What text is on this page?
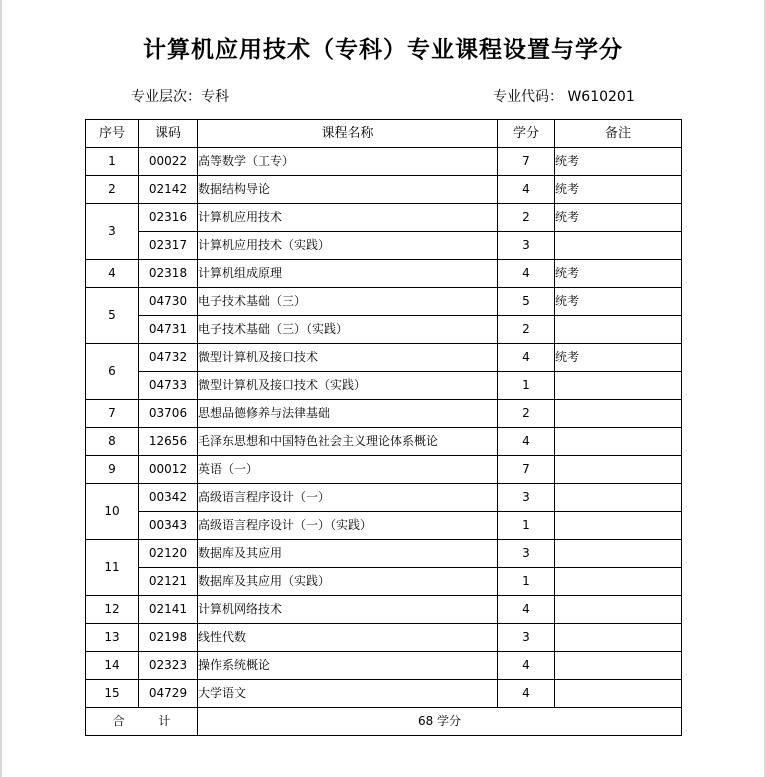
计算机应用技术（专科）专业课程设置与学分
专业层次：专科	专业代码： W610201
序号	课码	课程名称	学分	备注
1	00022	高等数学（工专）	7	统考
2	02142	数据结构导论	4	统考
3	02316	计算机应用技术	2	统考
	02317	计算机应用技术（实践）	3	
4	02318	计算机组成原理	4	统考
5	04730	电子技术基础（三）	5	统考
	04731	电子技术基础（三）（实践）	2	
6	04732	微型计算机及接口技术	4	统考
	04733	微型计算机及接口技术（实践）	1	
7	03706	思想品德修养与法律基础	2	
8	12656	毛泽东思想和中国特色社会主义理论体系概论	4	
9	00012	英语（一）	7	
10	00342	高级语言程序设计（一）	3	
	00343	高级语言程序设计（一）（实践）	1	
11	02120	数据库及其应用	3	
	02121	数据库及其应用（实践）	1	
12	02141	计算机网络技术	4	
13	02198	线性代数	3	
14	02323	操作系统概论	4	
15	04729	大学语文	4	
合 计		68 学分		
